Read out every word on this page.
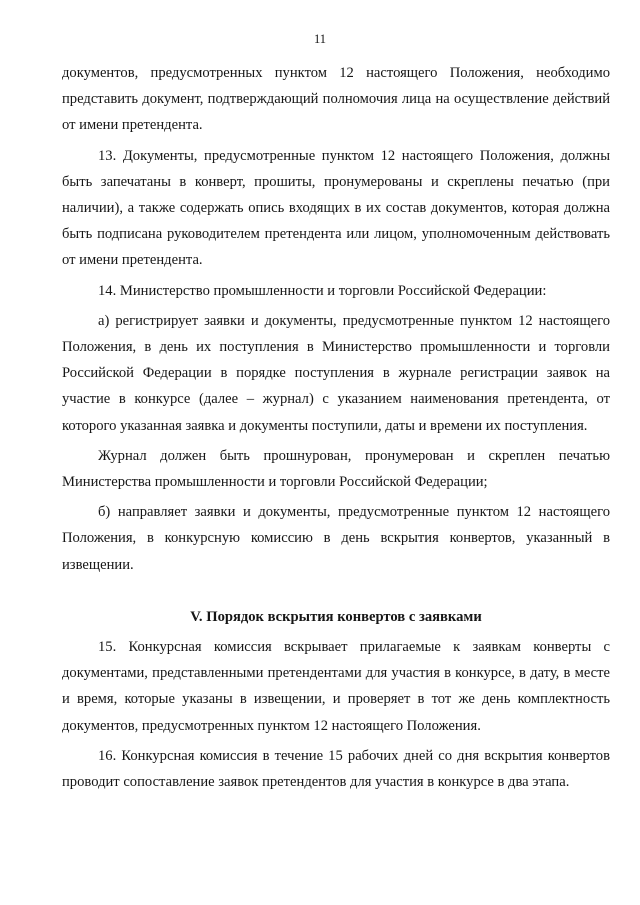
11

документов, предусмотренных пунктом 12 настоящего Положения, необходимо представить документ, подтверждающий полномочия лица на осуществление действий от имени претендента.

13. Документы, предусмотренные пунктом 12 настоящего Положения, должны быть запечатаны в конверт, прошиты, пронумерованы и скреплены печатью (при наличии), а также содержать опись входящих в их состав документов, которая должна быть подписана руководителем претендента или лицом, уполномоченным действовать от имени претендента.

14. Министерство промышленности и торговли Российской Федерации:

а) регистрирует заявки и документы, предусмотренные пунктом 12 настоящего Положения, в день их поступления в Министерство промышленности и торговли Российской Федерации в порядке поступления в журнале регистрации заявок на участие в конкурсе (далее – журнал) с указанием наименования претендента, от которого указанная заявка и документы поступили, даты и времени их поступления.

Журнал должен быть прошнурован, пронумерован и скреплен печатью Министерства промышленности и торговли Российской Федерации;

б) направляет заявки и документы, предусмотренные пунктом 12 настоящего Положения, в конкурсную комиссию в день вскрытия конвертов, указанный в извещении.

V. Порядок вскрытия конвертов с заявками

15. Конкурсная комиссия вскрывает прилагаемые к заявкам конверты с документами, представленными претендентами для участия в конкурсе, в дату, в месте и время, которые указаны в извещении, и проверяет в тот же день комплектность документов, предусмотренных пунктом 12 настоящего Положения.

16. Конкурсная комиссия в течение 15 рабочих дней со дня вскрытия конвертов проводит сопоставление заявок претендентов для участия в конкурсе в два этапа.
